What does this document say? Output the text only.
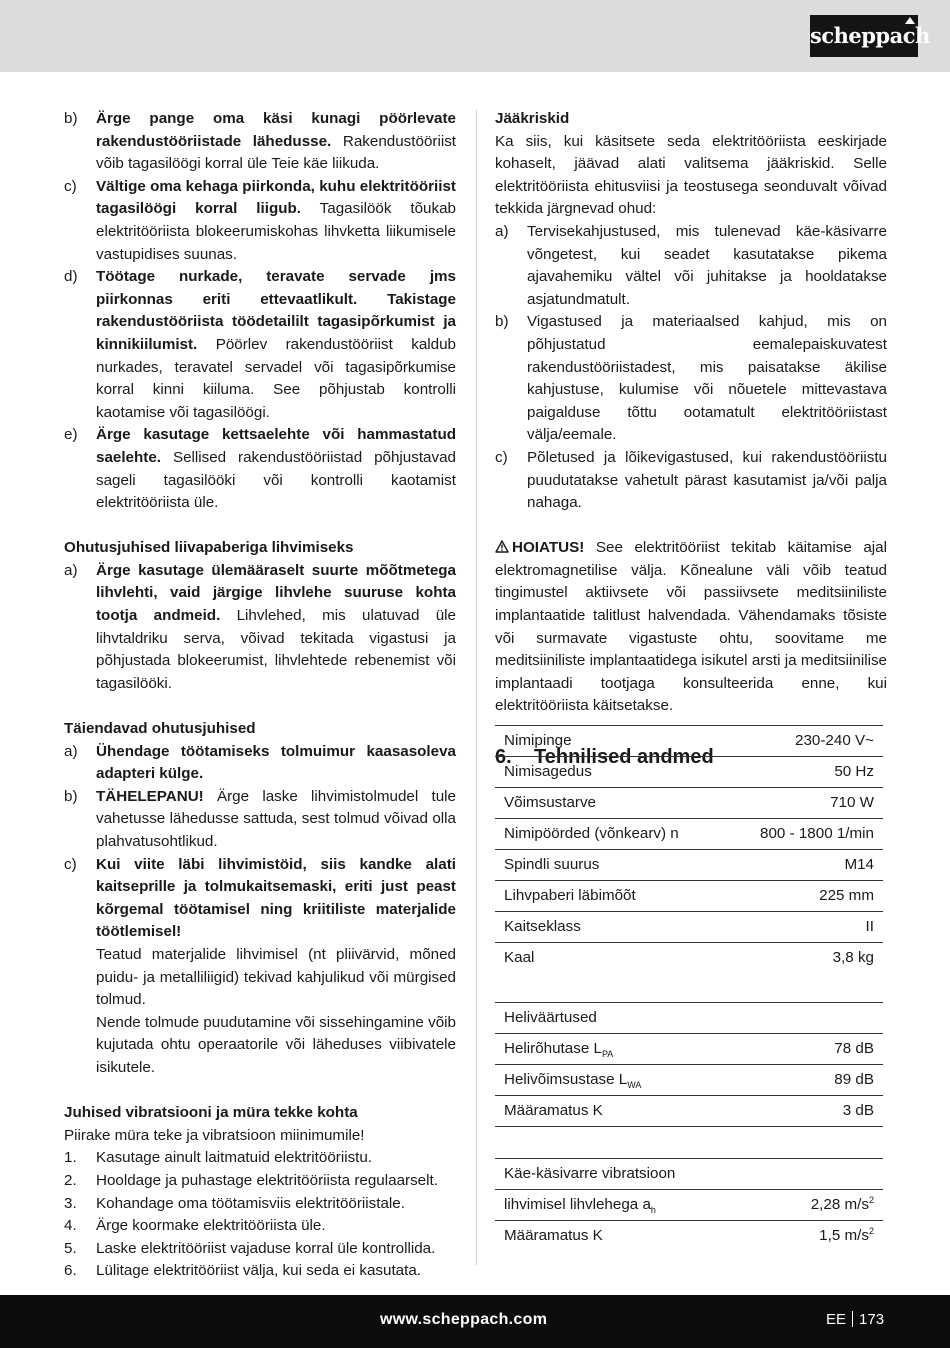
scheppach
b)	Ärge pange oma käsi kunagi pöörlevate rakendustööriistade lähedusse. Rakendustööriist võib tagasilöögi korral üle Teie käe liikuda.
c)	Vältige oma kehaga piirkonda, kuhu elektritööriist tagasilöögi korral liigub. Tagasilöök tõukab elektritööriista blokeerumiskohas lihvketta liikumisele vastupidises suunas.
d)	Töötage nurkade, teravate servade jms piirkonnas eriti ettevaatlikult. Takistage rakendustööriista töödetaililt tagasipõrkumist ja kinnikiilumist. Pöörlev rakendustööriist kaldub nurkades, teravatel servadel või tagasipõrkumise korral kinni kiiluma. See põhjustab kontrolli kaotamise või tagasilöögi.
e)	Ärge kasutage kettsaelehte või hammastatud saelehte. Sellised rakendustööriistad põhjustavad sageli tagasilööki või kontrolli kaotamist elektritööriista üle.
Ohutusjuhised liivapaberiga lihvimiseks
a)	Ärge kasutage ülemääraselt suurte mõõtmetega lihvlehti, vaid järgige lihvlehe suuruse kohta tootja andmeid. Lihvlehed, mis ulatuvad üle lihvtaldriku serva, võivad tekitada vigastusi ja põhjustada blokeerumist, lihvlehtede rebenemist või tagasilööki.
Täiendavad ohutusjuhised
a)	Ühendage töötamiseks tolmuimur kaasasoleva adapteri külge.
b)	TÄHELEPANU! Ärge laske lihvimistolmudel tule vahetusse lähedusse sattuda, sest tolmud võivad olla plahvatusohtlikud.
c)	Kui viite läbi lihvimistöid, siis kandke alati kaitseprille ja tolmukaitsemaski, eriti just peast kõrgemal töötamisel ning kriitiliste materjalide töötlemisel!
Teatud materjalide lihvimisel (nt pliivärvid, mõned puidu- ja metalliliigid) tekivad kahjulikud või mürgised tolmud.
Nende tolmude puudutamine või sissehingamine võib kujutada ohtu operaatorile või läheduses viibivatele isikutele.
Juhised vibratsiooni ja müra tekke kohta
Piirake müra teke ja vibratsioon miinimumile!
1.	Kasutage ainult laitmatuid elektritööriistu.
2.	Hooldage ja puhastage elektritööriista regulaarselt.
3.	Kohandage oma töötamisviis elektritööriistale.
4.	Ärge koormake elektritööriista üle.
5.	Laske elektritööriist vajaduse korral üle kontrollida.
6.	Lülitage elektritööriist välja, kui seda ei kasutata.
Jääkriskid
Ka siis, kui käsitsete seda elektritööriista eeskirjade kohaselt, jäävad alati valitsema jääkriskid. Selle elektritööriista ehitusviisi ja teostusega seonduvalt võivad tekkida järgnevad ohud:
a)	Tervisekahjustused, mis tulenevad käe-käsivarre võngetest, kui seadet kasutatakse pikema ajavahemiku vältel või juhitakse ja hooldatakse asjatundmatult.
b)	Vigastused ja materiaalsed kahjud, mis on põhjustatud eemalepaiskuvatest rakendustööriistadest, mis paisatakse äkilise kahjustuse, kulumise või nõuetele mittevastava paigalduse tõttu ootamatult elektritööriistast välja/eemale.
c)	Põletused ja lõikevigastused, kui rakendustööriistu puudutatakse vahetult pärast kasutamist ja/või palja nahaga.
HOIATUS! See elektritööriist tekitab käitamise ajal elektromagnetilise välja. Kõnealune väli võib teatud tingimustel aktiivsete või passiivsete meditsiiniliste implantaatide talitlust halvendada. Vähendamaks tõsiste või surmavate vigastuste ohtu, soovitame me meditsiiniliste implantaatidega isikutel arsti ja meditsiinilise implantaadi tootjaga konsulteerida enne, kui elektritööriista käitsetakse.
6. Tehnilised andmed
Nimipinge	230-240 V~
Nimisagedus	50 Hz
Võimsustarve	710 W
Nimipöörded (võnkearv) n	800 - 1800 1/min
Spindli suurus	M14
Lihvpaberi läbimõõt	225 mm
Kaitseklass	II
Kaal	3,8 kg
Heliväärtused	
Helirõhutase $L_{PA}$	78 dB
Helivõimsustase $L_{WA}$	89 dB
Määramatus K	3 dB
Käe-käsivarre vibratsioon	
lihvimisel lihvlehega $a_h$	2,28 $m/s^2$
Määramatus K	1,5 $m/s^2$
www.scheppach.com	EE 173
